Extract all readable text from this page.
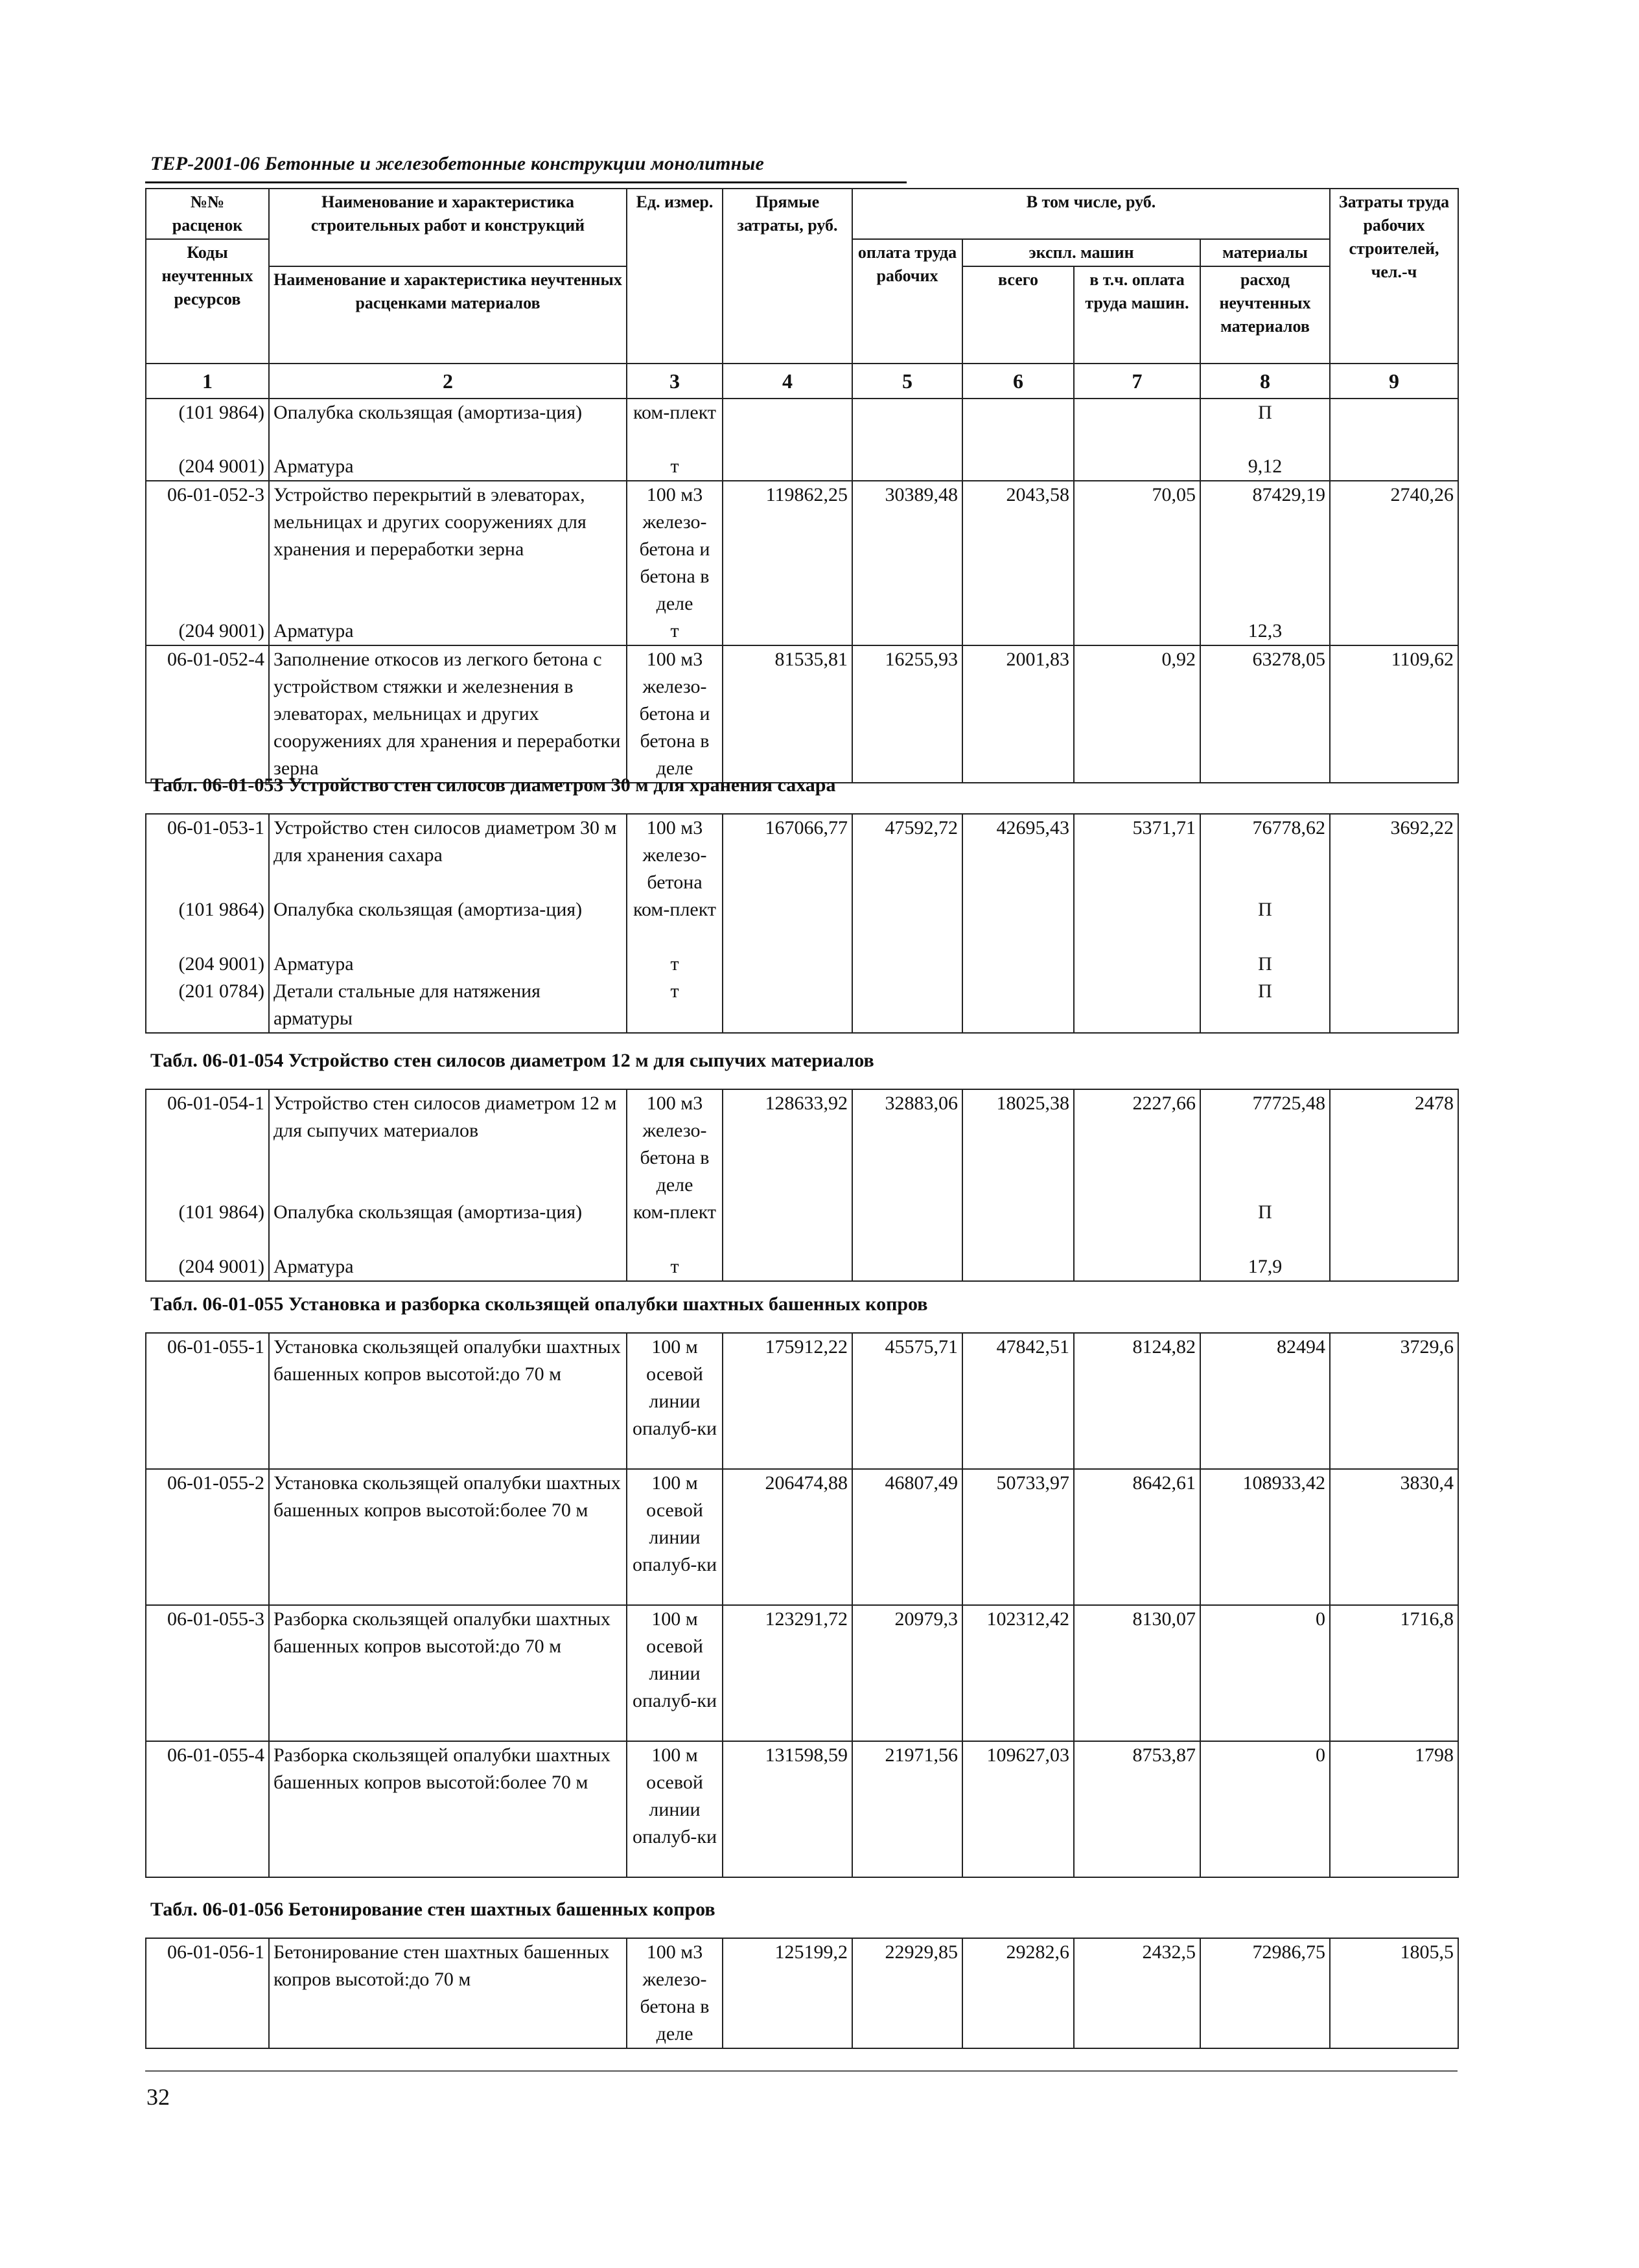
ТЕР-2001-06 Бетонные и железобетонные конструкции монолитные
№№
расценок	Наименование и характеристика строительных работ и конструкций	Ед. измер.	Прямые затраты, руб.	В том числе, руб.				Затраты труда рабочих строителей, чел.-ч
Коды неучтенных ресурсов				оплата труда рабочих	экспл. машин		материалы	
	Наименование и характеристика неучтенных расценками материалов				всего	в т.ч. оплата труда машин.	расход неучтенных материалов	
1	2	3	4	5	6	7	8	9
(101 9864)	Опалубка скользящая (амортиза-ция)	ком-плект					П	
(204 9001)	Арматура	т					9,12	
06-01-052-3	Устройство перекрытий в элеваторах, мельницах и других сооружениях для хранения и переработки зерна	100 м3 железо-бетона и бетона в деле	119862,25	30389,48	2043,58	70,05	87429,19	2740,26
(204 9001)	Арматура	т					12,3	
06-01-052-4	Заполнение откосов из легкого бетона с устройством стяжки и железнения в элеваторах, мельницах и других сооружениях для хранения и переработки зерна	100 м3 железо-бетона и бетона в деле	81535,81	16255,93	2001,83	0,92	63278,05	1109,62
Табл. 06-01-053 Устройство стен силосов диаметром 30 м для хранения сахара
06-01-053-1	Устройство стен силосов диаметром 30 м для хранения сахара	100 м3 железо-бетона	167066,77	47592,72	42695,43	5371,71	76778,62	3692,22
(101 9864)	Опалубка скользящая (амортиза-ция)	ком-плект					П	
(204 9001)	Арматура	т					П	
(201 0784)	Детали стальные для натяжения арматуры	т					П	
Табл. 06-01-054 Устройство стен силосов диаметром 12 м для сыпучих материалов
06-01-054-1	Устройство стен силосов диаметром 12 м для сыпучих материалов	100 м3 железо-бетона в деле	128633,92	32883,06	18025,38	2227,66	77725,48	2478
(101 9864)	Опалубка скользящая (амортиза-ция)	ком-плект					П	
(204 9001)	Арматура	т					17,9	
Табл. 06-01-055 Установка и разборка скользящей опалубки шахтных башенных копров
06-01-055-1	Установка скользящей опалубки шахтных башенных копров высотой:до 70 м	100 м осевой линии опалуб-ки	175912,22	45575,71	47842,51	8124,82	82494	3729,6
06-01-055-2	Установка скользящей опалубки шахтных башенных копров высотой:более 70 м	100 м осевой линии опалуб-ки	206474,88	46807,49	50733,97	8642,61	108933,42	3830,4
06-01-055-3	Разборка скользящей опалубки шахтных башенных копров высотой:до 70 м	100 м осевой линии опалуб-ки	123291,72	20979,3	102312,42	8130,07	0	1716,8
06-01-055-4	Разборка скользящей опалубки шахтных башенных копров высотой:более 70 м	100 м осевой линии опалуб-ки	131598,59	21971,56	109627,03	8753,87	0	1798
Табл. 06-01-056 Бетонирование стен шахтных башенных копров
06-01-056-1	Бетонирование стен шахтных башенных копров высотой:до 70 м	100 м3 железо-бетона в деле	125199,2	22929,85	29282,6	2432,5	72986,75	1805,5
32
